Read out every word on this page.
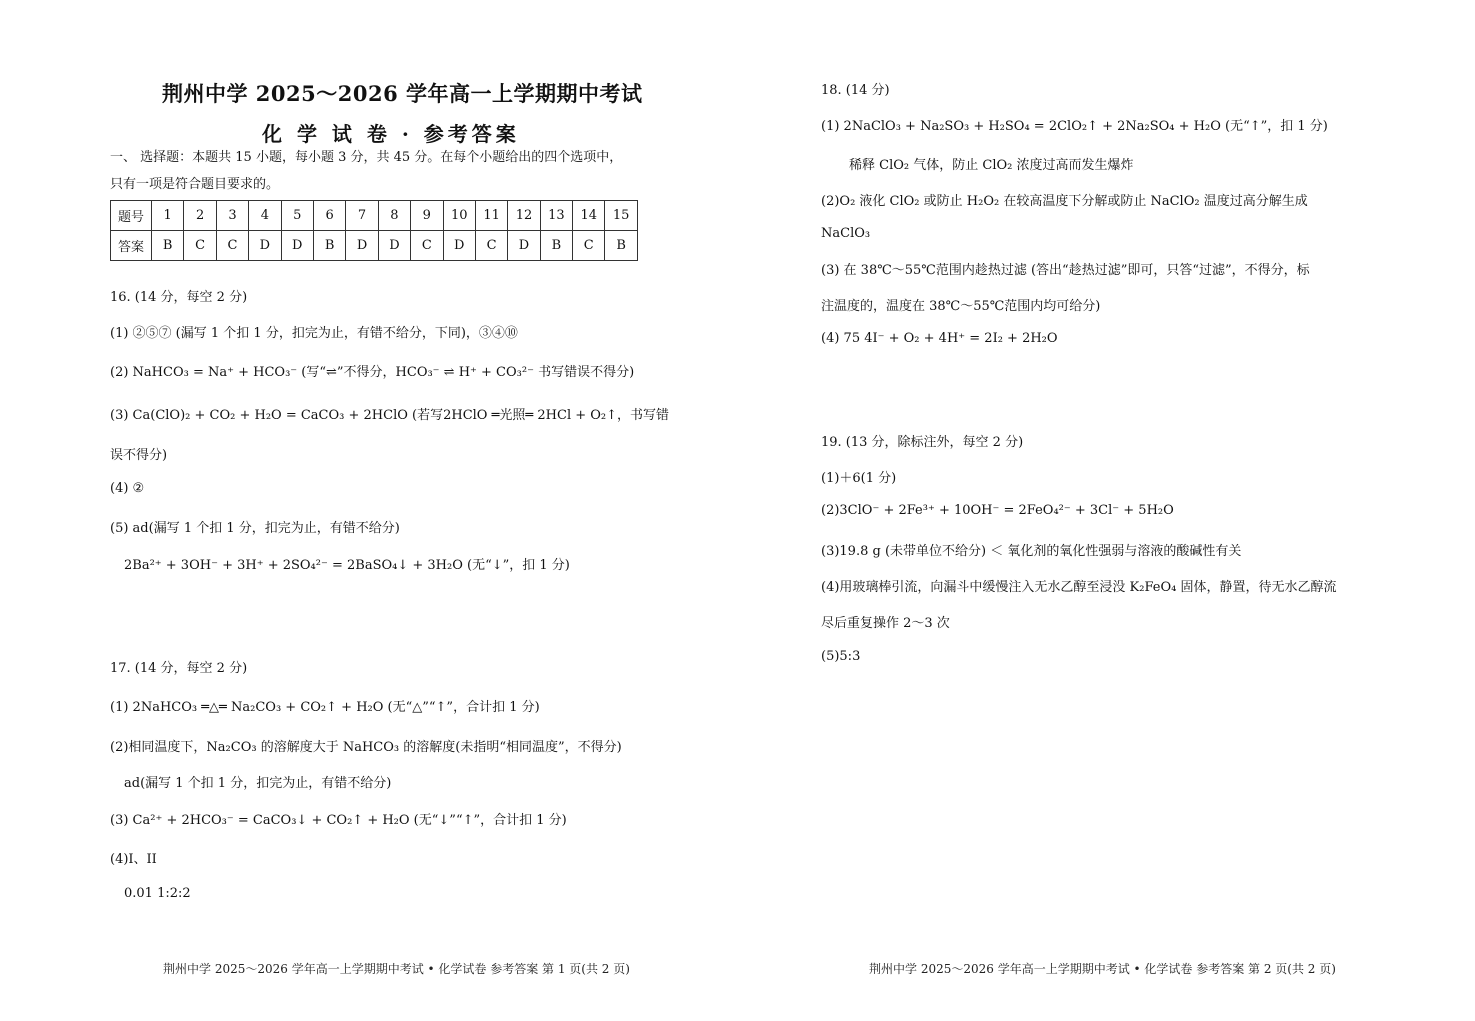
荆州中学 2025～2026 学年高一上学期期中考试
化 学 试 卷 · 参考答案
一、 选择题：本题共 15 小题，每小题 3 分，共 45 分。在每个小题给出的四个选项中，
只有一项是符合题目要求的。
题号	1	2	3	4	5	6	7	8	9	10	11	12	13	14	15
答案	B	C	C	D	D	B	D	D	C	D	C	D	B	C	B
16. (14 分，每空 2 分)
(1) ②⑤⑦ (漏写 1 个扣 1 分，扣完为止，有错不给分，下同)，③④⑩
(2) NaHCO₃ = Na⁺ + HCO₃⁻ (写“⇌”不得分，HCO₃⁻ ⇌ H⁺ + CO₃²⁻ 书写错误不得分)
(3) Ca(ClO)₂ + CO₂ + H₂O = CaCO₃ + 2HClO (若写2HClO ═光照═ 2HCl + O₂↑，书写错
误不得分)
(4) ②
(5) ad(漏写 1 个扣 1 分，扣完为止，有错不给分)
2Ba²⁺ + 3OH⁻ + 3H⁺ + 2SO₄²⁻ = 2BaSO₄↓ + 3H₂O (无“↓”，扣 1 分)
17. (14 分，每空 2 分)
(1) 2NaHCO₃ ═△═ Na₂CO₃ + CO₂↑ + H₂O (无“△”“↑”，合计扣 1 分)
(2)相同温度下，Na₂CO₃ 的溶解度大于 NaHCO₃ 的溶解度(未指明“相同温度”，不得分)
ad(漏写 1 个扣 1 分，扣完为止，有错不给分)
(3) Ca²⁺ + 2HCO₃⁻ = CaCO₃↓ + CO₂↑ + H₂O (无“↓”“↑”，合计扣 1 分)
(4)I、II
0.01 1:2:2
荆州中学 2025～2026 学年高一上学期期中考试 • 化学试卷 参考答案 第 1 页(共 2 页)
18. (14 分)
(1) 2NaClO₃ + Na₂SO₃ + H₂SO₄ = 2ClO₂↑ + 2Na₂SO₄ + H₂O (无“↑”，扣 1 分)
稀释 ClO₂ 气体，防止 ClO₂ 浓度过高而发生爆炸
(2)O₂ 液化 ClO₂ 或防止 H₂O₂ 在较高温度下分解或防止 NaClO₂ 温度过高分解生成
NaClO₃
(3) 在 38℃～55℃范围内趁热过滤 (答出“趁热过滤”即可，只答“过滤”，不得分，标
注温度的，温度在 38℃～55℃范围内均可给分)
(4) 75 4I⁻ + O₂ + 4H⁺ = 2I₂ + 2H₂O
19. (13 分，除标注外，每空 2 分)
(1)＋6(1 分)
(2)3ClO⁻ + 2Fe³⁺ + 10OH⁻ = 2FeO₄²⁻ + 3Cl⁻ + 5H₂O
(3)19.8 g (未带单位不给分) ＜ 氧化剂的氧化性强弱与溶液的酸碱性有关
(4)用玻璃棒引流，向漏斗中缓慢注入无水乙醇至浸没 K₂FeO₄ 固体，静置，待无水乙醇流
尽后重复操作 2～3 次
(5)5:3
荆州中学 2025～2026 学年高一上学期期中考试 • 化学试卷 参考答案 第 2 页(共 2 页)
